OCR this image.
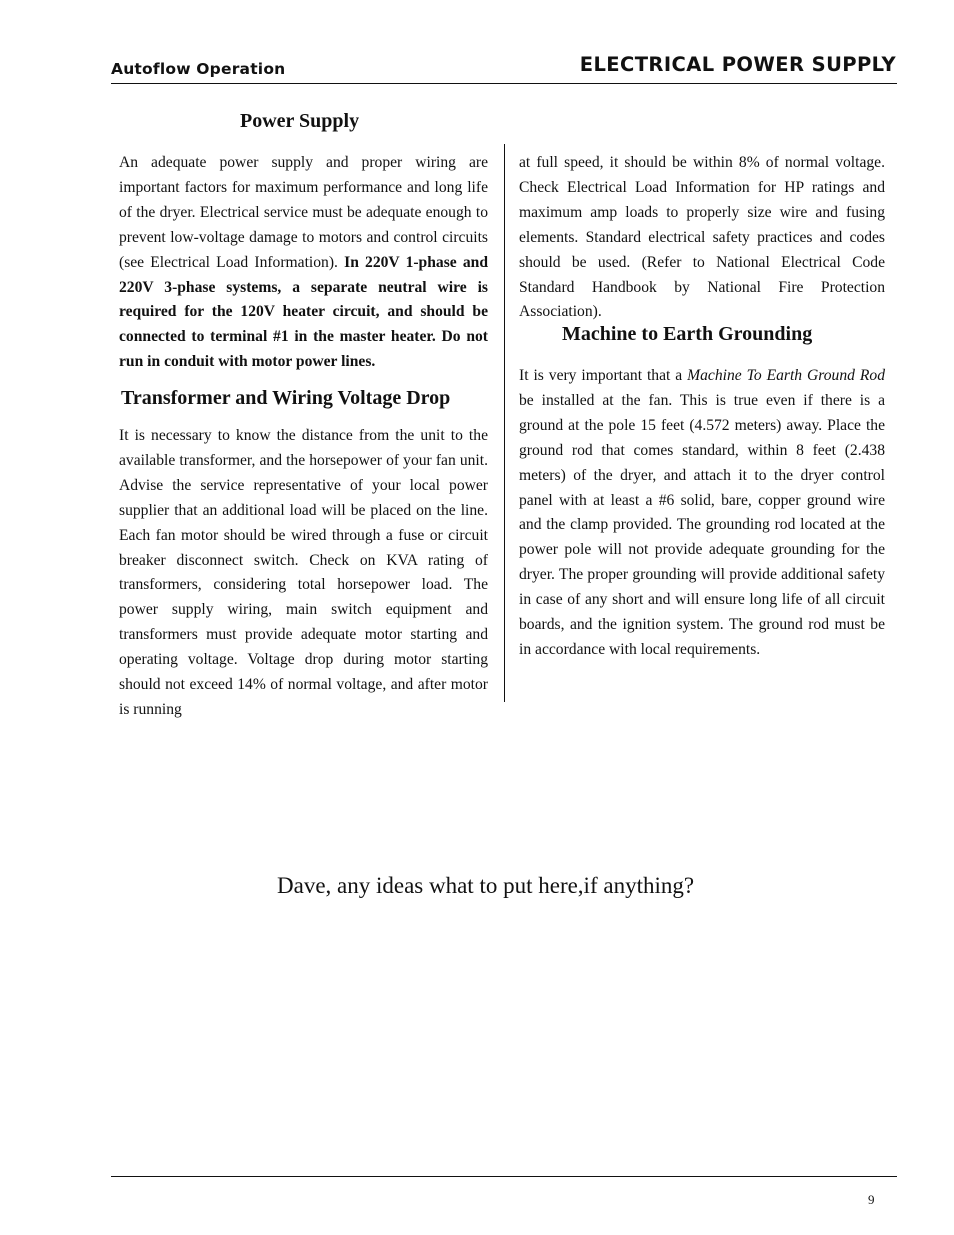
Autoflow Operation	ELECTRICAL POWER SUPPLY
Power Supply

An adequate power supply and proper wiring are important factors for maximum performance and long life of the dryer. Electrical service must be adequate enough to prevent low-voltage damage to motors and control circuits (see Electrical Load Information). In 220V 1-phase and 220V 3-phase systems, a separate neutral wire is required for the 120V heater circuit, and should be connected to terminal #1 in the master heater. Do not run in conduit with motor power lines.

Transformer and Wiring Voltage Drop

It is necessary to know the distance from the unit to the available transformer, and the horsepower of your fan unit. Advise the service representative of your local power supplier that an additional load will be placed on the line. Each fan motor should be wired through a fuse or circuit breaker disconnect switch. Check on KVA rating of transformers, considering total horsepower load. The power supply wiring, main switch equipment and transformers must provide adequate motor starting and operating voltage. Voltage drop during motor starting should not exceed 14% of normal voltage, and after motor is running

at full speed, it should be within 8% of normal voltage. Check Electrical Load Information for HP ratings and maximum amp loads to properly size wire and fusing elements. Standard electrical safety practices and codes should be used. (Refer to National Electrical Code Standard Handbook by National Fire Protection Association).

Machine to Earth Grounding

It is very important that a Machine To Earth Ground Rod be installed at the fan. This is true even if there is a ground at the pole 15 feet (4.572 meters) away. Place the ground rod that comes standard, within 8 feet (2.438 meters) of the dryer, and attach it to the dryer control panel with at least a #6 solid, bare, copper ground wire and the clamp provided. The grounding rod located at the power pole will not provide adequate grounding for the dryer. The proper grounding will provide additional safety in case of any short and will ensure long life of all circuit boards, and the ignition system. The ground rod must be in accordance with local requirements.

Dave, any ideas what to put here,if anything?
9
